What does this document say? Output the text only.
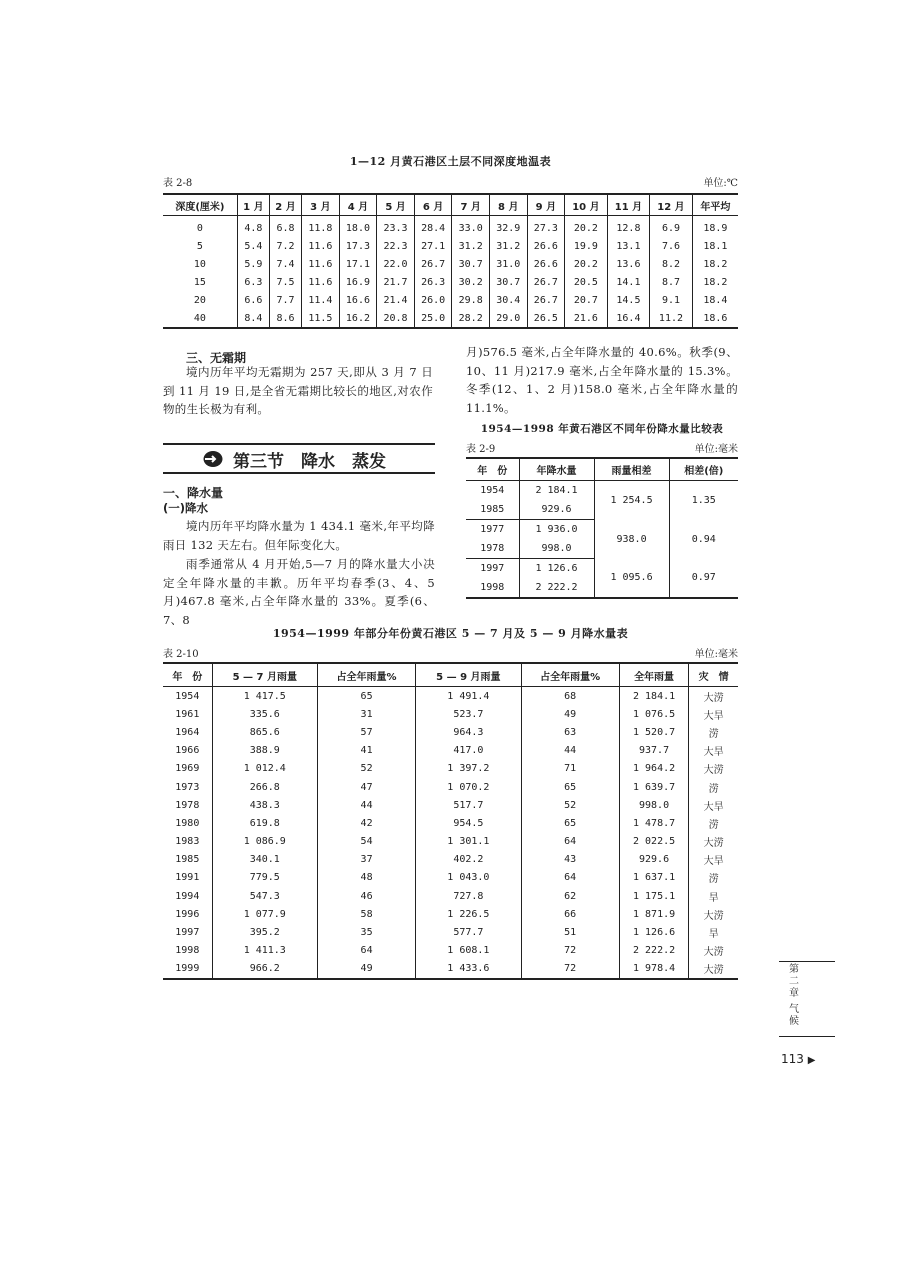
1—12 月黄石港区土层不同深度地温表
表 2-8	单位:℃
深度(厘米)	1 月	2 月	3 月	4 月	5 月	6 月	7 月	8 月	9 月	10 月	11 月	12 月	年平均
0	4.8	6.8	11.8	18.0	23.3	28.4	33.0	32.9	27.3	20.2	12.8	6.9	18.9
5	5.4	7.2	11.6	17.3	22.3	27.1	31.2	31.2	26.6	19.9	13.1	7.6	18.1
10	5.9	7.4	11.6	17.1	22.0	26.7	30.7	31.0	26.6	20.2	13.6	8.2	18.2
15	6.3	7.5	11.6	16.9	21.7	26.3	30.2	30.7	26.7	20.5	14.1	8.7	18.2
20	6.6	7.7	11.4	16.6	21.4	26.0	29.8	30.4	26.7	20.7	14.5	9.1	18.4
40	8.4	8.6	11.5	16.2	20.8	25.0	28.2	29.0	26.5	21.6	16.4	11.2	18.6
三、无霜期

境内历年平均无霜期为 257 天,即从 3 月 7 日到 11 月 19 日,是全省无霜期比较长的地区,对农作物的生长极为有利。

第三节　降水　蒸发
一、降水量
(一)降水

境内历年平均降水量为 1 434.1 毫米,年平均降雨日 132 天左右。但年际变化大。

雨季通常从 4 月开始,5—7 月的降水量大小决定全年降水量的丰歉。历年平均春季(3、4、5 月)467.8 毫米,占全年降水量的 33%。夏季(6、7、8

月)576.5 毫米,占全年降水量的 40.6%。秋季(9、10、11 月)217.9 毫米,占全年降水量的 15.3%。冬季(12、1、2 月)158.0 毫米,占全年降水量的 11.1%。

1954—1998 年黄石港区不同年份降水量比较表
表 2-9	单位:毫米
年　份	年降水量	雨量相差	相差(倍)
1954	2 184.1	1 254.5	1.35
1985	929.6		
1977	1 936.0	938.0	0.94
1978	998.0		
1997	1 126.6	1 095.6	0.97
1998	2 222.2		
1954—1999 年部分年份黄石港区 5 — 7 月及 5 — 9 月降水量表
表 2-10	单位:毫米
年　份	5 — 7 月雨量	占全年雨量%	5 — 9 月雨量	占全年雨量%	全年雨量	灾　情
1954	1 417.5	65	1 491.4	68	2 184.1	大涝
1961	335.6	31	523.7	49	1 076.5	大旱
1964	865.6	57	964.3	63	1 520.7	涝
1966	388.9	41	417.0	44	937.7	大旱
1969	1 012.4	52	1 397.2	71	1 964.2	大涝
1973	266.8	47	1 070.2	65	1 639.7	涝
1978	438.3	44	517.7	52	998.0	大旱
1980	619.8	42	954.5	65	1 478.7	涝
1983	1 086.9	54	1 301.1	64	2 022.5	大涝
1985	340.1	37	402.2	43	929.6	大旱
1991	779.5	48	1 043.0	64	1 637.1	涝
1994	547.3	46	727.8	62	1 175.1	旱
1996	1 077.9	58	1 226.5	66	1 871.9	大涝
1997	395.2	35	577.7	51	1 126.6	旱
1998	1 411.3	64	1 608.1	72	2 222.2	大涝
1999	966.2	49	1 433.6	72	1 978.4	大涝	第二章
气候
113 ▶
